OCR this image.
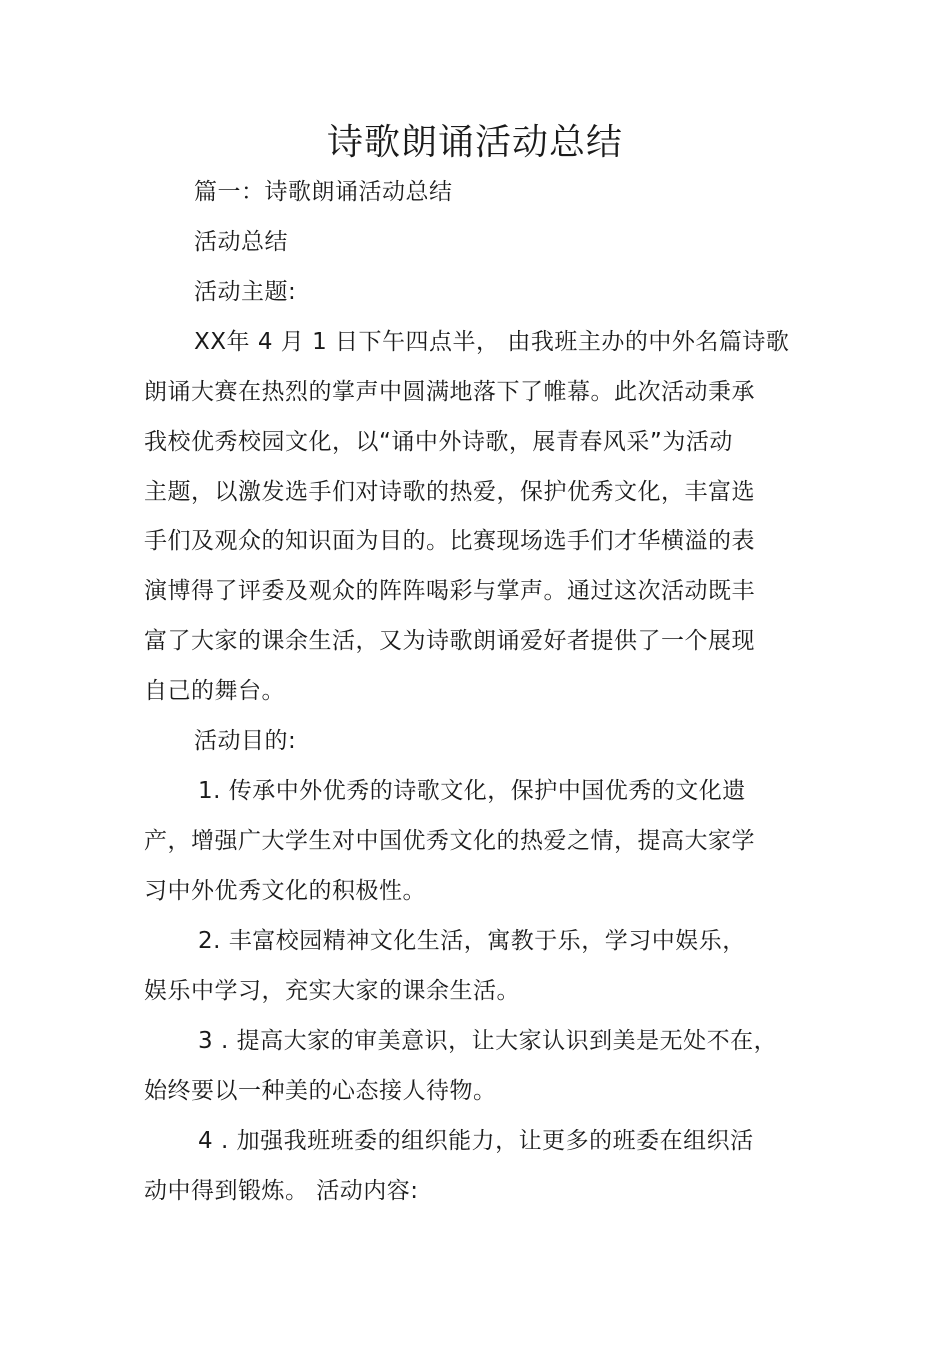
诗歌朗诵活动总结
篇一：诗歌朗诵活动总结
活动总结
活动主题:
XX年 4 月 1 日下午四点半， 由我班主办的中外名篇诗歌
朗诵大赛在热烈的掌声中圆满地落下了帷幕。此次活动秉承
我校优秀校园文化，以“诵中外诗歌，展青春风采”为活动
主题，以激发选手们对诗歌的热爱，保护优秀文化，丰富选
手们及观众的知识面为目的。比赛现场选手们才华横溢的表
演博得了评委及观众的阵阵喝彩与掌声。通过这次活动既丰
富了大家的课余生活，又为诗歌朗诵爱好者提供了一个展现
自己的舞台。
活动目的:
1. 传承中外优秀的诗歌文化，保护中国优秀的文化遗
产，增强广大学生对中国优秀文化的热爱之情，提高大家学
习中外优秀文化的积极性。
2. 丰富校园精神文化生活，寓教于乐，学习中娱乐，
娱乐中学习，充实大家的课余生活。
3 . 提高大家的审美意识，让大家认识到美是无处不在，
始终要以一种美的心态接人待物。
4 . 加强我班班委的组织能力，让更多的班委在组织活
动中得到锻炼。 活动内容:
